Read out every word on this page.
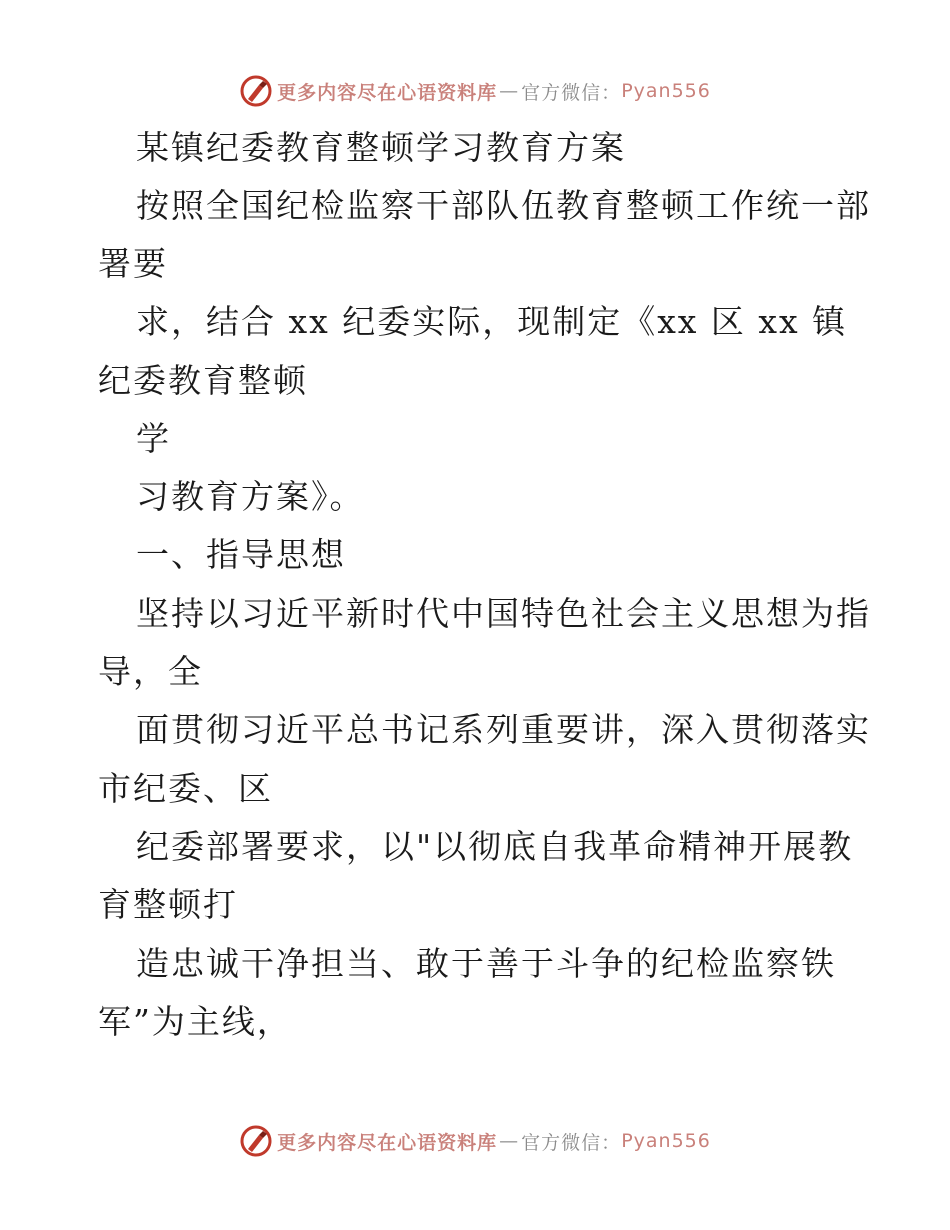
更多内容尽在心语资料库 — 官方微信： Pyan556
某镇纪委教育整顿学习教育方案
按照全国纪检监察干部队伍教育整顿工作统一部
署要
求，结合 xx 纪委实际，现制定《xx 区 xx 镇
纪委教育整顿
学
习教育方案》。
一、指导思想
坚持以习近平新时代中国特色社会主义思想为指
导，全
面贯彻习近平总书记系列重要讲，深入贯彻落实
市纪委、区
纪委部署要求，以"以彻底自我革命精神开展教
育整顿打
造忠诚干净担当、敢于善于斗争的纪检监察铁
军”为主线，
更多内容尽在心语资料库 — 官方微信： Pyan556
